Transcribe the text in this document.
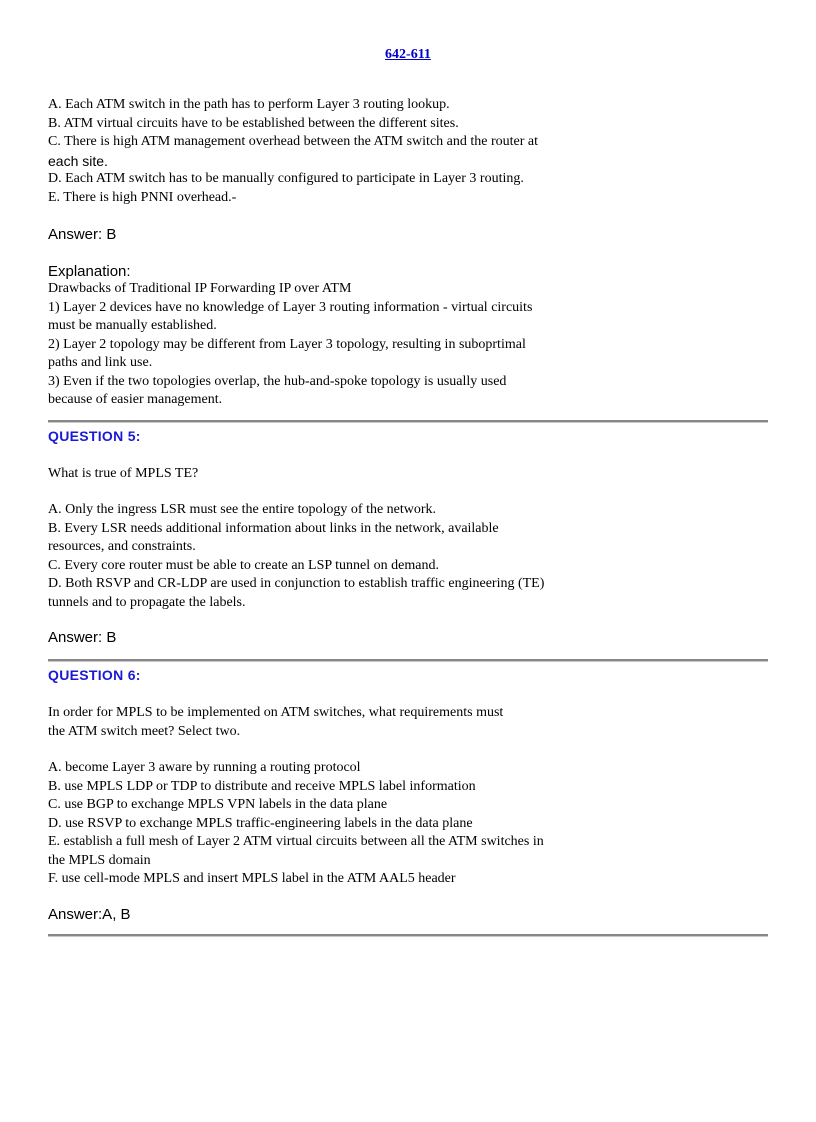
642-611
A. Each ATM switch in the path has to perform Layer 3 routing lookup.
B. ATM virtual circuits have to be established between the different sites.
C. There is high ATM management overhead between the ATM switch and the router at
each site.
D. Each ATM switch has to be manually configured to participate in Layer 3 routing.
E. There is high PNNI overhead.-
Answer: B
Explanation:
Drawbacks of Traditional IP Forwarding IP over ATM
1) Layer 2 devices have no knowledge of Layer 3 routing information - virtual circuits
must be manually established.
2) Layer 2 topology may be different from Layer 3 topology, resulting in suboprtimal
paths and link use.
3) Even if the two topologies overlap, the hub-and-spoke topology is usually used
because of easier management.
QUESTION 5:
What is true of MPLS TE?
A. Only the ingress LSR must see the entire topology of the network.
B. Every LSR needs additional information about links in the network, available
resources, and constraints.
C. Every core router must be able to create an LSP tunnel on demand.
D. Both RSVP and CR-LDP are used in conjunction to establish traffic engineering (TE)
tunnels and to propagate the labels.
Answer: B
QUESTION 6:
In order for MPLS to be implemented on ATM switches, what requirements must
the ATM switch meet? Select two.
A. become Layer 3 aware by running a routing protocol
B. use MPLS LDP or TDP to distribute and receive MPLS label information
C. use BGP to exchange MPLS VPN labels in the data plane
D. use RSVP to exchange MPLS traffic-engineering labels in the data plane
E. establish a full mesh of Layer 2 ATM virtual circuits between all the ATM switches in
the MPLS domain
F. use cell-mode MPLS and insert MPLS label in the ATM AAL5 header
Answer:A, B
